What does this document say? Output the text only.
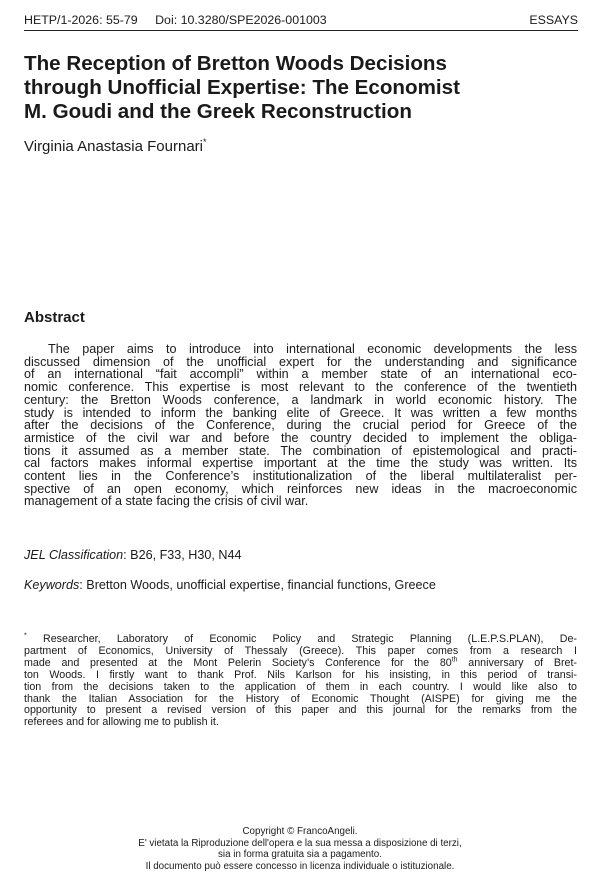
HETP/1-2026: 55-79 Doi: 10.3280/SPE2026-001003	ESSAYS
The Reception of Bretton Woods Decisions
through Unofficial Expertise: The Economist
M. Goudi and the Greek Reconstruction
Virginia Anastasia Fournari*
Abstract
The paper aims to introduce into international economic developments the less
discussed dimension of the unofficial expert for the understanding and significance
of an international “fait accompli” within a member state of an international eco-
nomic conference. This expertise is most relevant to the conference of the twentieth
century: the Bretton Woods conference, a landmark in world economic history. The
study is intended to inform the banking elite of Greece. It was written a few months
after the decisions of the Conference, during the crucial period for Greece of the
armistice of the civil war and before the country decided to implement the obliga-
tions it assumed as a member state. The combination of epistemological and practi-
cal factors makes informal expertise important at the time the study was written. Its
content lies in the Conference’s institutionalization of the liberal multilateralist per-
spective of an open economy, which reinforces new ideas in the macroeconomic
management of a state facing the crisis of civil war.
JEL Classification: B26, F33, H30, N44
Keywords: Bretton Woods, unofficial expertise, financial functions, Greece
* Researcher, Laboratory of Economic Policy and Strategic Planning (L.E.P.S.PLAN), De-
partment of Economics, University of Thessaly (Greece). This paper comes from a research I
made and presented at the Mont Pelerin Society’s Conference for the 80th anniversary of Bret-
ton Woods. I firstly want to thank Prof. Nils Karlson for his insisting, in this period of transi-
tion from the decisions taken to the application of them in each country. I would like also to
thank the Italian Association for the History of Economic Thought (AISPE) for giving me the
opportunity to present a revised version of this paper and this journal for the remarks from the
referees and for allowing me to publish it.
Copyright © FrancoAngeli.
E' vietata la Riproduzione dell'opera e la sua messa a disposizione di terzi,
sia in forma gratuita sia a pagamento.
Il documento può essere concesso in licenza individuale o istituzionale.
